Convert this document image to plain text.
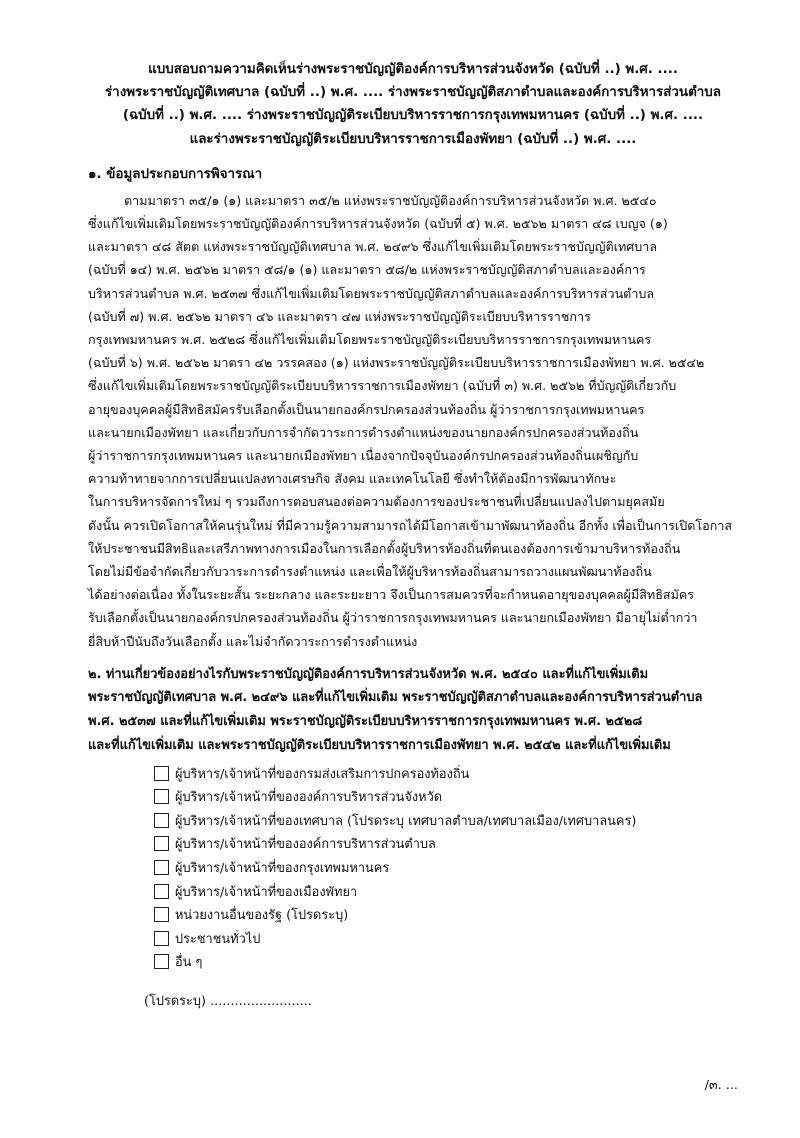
แบบสอบถามความคิดเห็นร่างพระราชบัญญัติองค์การบริหารส่วนจังหวัด (ฉบับที่ ..) พ.ศ. ....
ร่างพระราชบัญญัติเทศบาล (ฉบับที่ ..) พ.ศ. .... ร่างพระราชบัญญัติสภาตำบลและองค์การบริหารส่วนตำบล
(ฉบับที่ ..) พ.ศ. .... ร่างพระราชบัญญัติระเบียบบริหารราชการกรุงเทพมหานคร (ฉบับที่ ..) พ.ศ. ....
และร่างพระราชบัญญัติระเบียบบริหารราชการเมืองพัทยา (ฉบับที่ ..) พ.ศ. ....
๑. ข้อมูลประกอบการพิจารณา
ตามมาตรา ๓๕/๑ (๑) และมาตรา ๓๕/๒ แห่งพระราชบัญญัติองค์การบริหารส่วนจังหวัด พ.ศ. ๒๕๔๐
ซึ่งแก้ไขเพิ่มเติมโดยพระราชบัญญัติองค์การบริหารส่วนจังหวัด (ฉบับที่ ๕) พ.ศ. ๒๕๖๒ มาตรา ๔๘ เบญจ (๑)
และมาตรา ๔๘ สัตต แห่งพระราชบัญญัติเทศบาล พ.ศ. ๒๔๙๖ ซึ่งแก้ไขเพิ่มเติมโดยพระราชบัญญัติเทศบาล
(ฉบับที่ ๑๔) พ.ศ. ๒๕๖๒ มาตรา ๕๘/๑ (๑) และมาตรา ๕๘/๒ แห่งพระราชบัญญัติสภาตำบลและองค์การ
บริหารส่วนตำบล พ.ศ. ๒๕๓๗ ซึ่งแก้ไขเพิ่มเติมโดยพระราชบัญญัติสภาตำบลและองค์การบริหารส่วนตำบล
(ฉบับที่ ๗) พ.ศ. ๒๕๖๒ มาตรา ๔๖ และมาตรา ๔๗ แห่งพระราชบัญญัติระเบียบบริหารราชการ
กรุงเทพมหานคร พ.ศ. ๒๕๒๘ ซึ่งแก้ไขเพิ่มเติมโดยพระราชบัญญัติระเบียบบริหารราชการกรุงเทพมหานคร
(ฉบับที่ ๖) พ.ศ. ๒๕๖๒ มาตรา ๔๒ วรรคสอง (๑) แห่งพระราชบัญญัติระเบียบบริหารราชการเมืองพัทยา พ.ศ. ๒๕๔๒
ซึ่งแก้ไขเพิ่มเติมโดยพระราชบัญญัติระเบียบบริหารราชการเมืองพัทยา (ฉบับที่ ๓) พ.ศ. ๒๕๖๒ ที่บัญญัติเกี่ยวกับ
อายุของบุคคลผู้มีสิทธิสมัครรับเลือกตั้งเป็นนายกองค์กรปกครองส่วนท้องถิ่น ผู้ว่าราชการกรุงเทพมหานคร
และนายกเมืองพัทยา และเกี่ยวกับการจำกัดวาระการดำรงตำแหน่งของนายกองค์กรปกครองส่วนท้องถิ่น
ผู้ว่าราชการกรุงเทพมหานคร และนายกเมืองพัทยา เนื่องจากปัจจุบันองค์กรปกครองส่วนท้องถิ่นเผชิญกับ
ความท้าทายจากการเปลี่ยนแปลงทางเศรษกิจ สังคม และเทคโนโลยี ซึ่งทำให้ต้องมีการพัฒนาทักษะ
ในการบริหารจัดการใหม่ ๆ รวมถึงการตอบสนองต่อความต้องการของประชาชนที่เปลี่ยนแปลงไปตามยุคสมัย
ดังนั้น ควรเปิดโอกาสให้คนรุ่นใหม่ ที่มีความรู้ความสามารถได้มีโอกาสเข้ามาพัฒนาท้องถิ่น อีกทั้ง เพื่อเป็นการเปิดโอกาส
ให้ประชาชนมีสิทธิและเสรีภาพทางการเมืองในการเลือกตั้งผู้บริหารท้องถิ่นที่ตนเองต้องการเข้ามาบริหารท้องถิ่น
โดยไม่มีข้อจำกัดเกี่ยวกับวาระการดำรงตำแหน่ง และเพื่อให้ผู้บริหารท้องถิ่นสามารถวางแผนพัฒนาท้องถิ่น
ได้อย่างต่อเนื่อง ทั้งในระยะสั้น ระยะกลาง และระยะยาว จึงเป็นการสมควรที่จะกำหนดอายุของบุคคลผู้มีสิทธิสมัคร
รับเลือกตั้งเป็นนายกองค์กรปกครองส่วนท้องถิ่น ผู้ว่าราชการกรุงเทพมหานคร และนายกเมืองพัทยา มีอายุไม่ต่ำกว่า
ยี่สิบห้าปีนับถึงวันเลือกตั้ง และไม่จำกัดวาระการดำรงตำแหน่ง
๒. ท่านเกี่ยวข้องอย่างไรกับพระราชบัญญัติองค์การบริหารส่วนจังหวัด พ.ศ. ๒๕๔๐ และที่แก้ไขเพิ่มเติม
พระราชบัญญัติเทศบาล พ.ศ. ๒๔๙๖ และที่แก้ไขเพิ่มเติม พระราชบัญญัติสภาตำบลและองค์การบริหารส่วนตำบล
พ.ศ. ๒๕๓๗ และที่แก้ไขเพิ่มเติม พระราชบัญญัติระเบียบบริหารราชการกรุงเทพมหานคร พ.ศ. ๒๕๒๘
และที่แก้ไขเพิ่มเติม และพระราชบัญญัติระเบียบบริหารราชการเมืองพัทยา พ.ศ. ๒๕๔๒ และที่แก้ไขเพิ่มเติม
ผู้บริหาร/เจ้าหน้าที่ของกรมส่งเสริมการปกครองท้องถิ่น
ผู้บริหาร/เจ้าหน้าที่ขององค์การบริหารส่วนจังหวัด
ผู้บริหาร/เจ้าหน้าที่ของเทศบาล (โปรดระบุ เทศบาลตำบล/เทศบาลเมือง/เทศบาลนคร)
ผู้บริหาร/เจ้าหน้าที่ขององค์การบริหารส่วนตำบล
ผู้บริหาร/เจ้าหน้าที่ของกรุงเทพมหานคร
ผู้บริหาร/เจ้าหน้าที่ของเมืองพัทยา
หน่วยงานอื่นของรัฐ (โปรดระบุ)
ประชาชนทั่วไป
อื่น ๆ
(โปรดระบุ) .........................
/๓. ...
